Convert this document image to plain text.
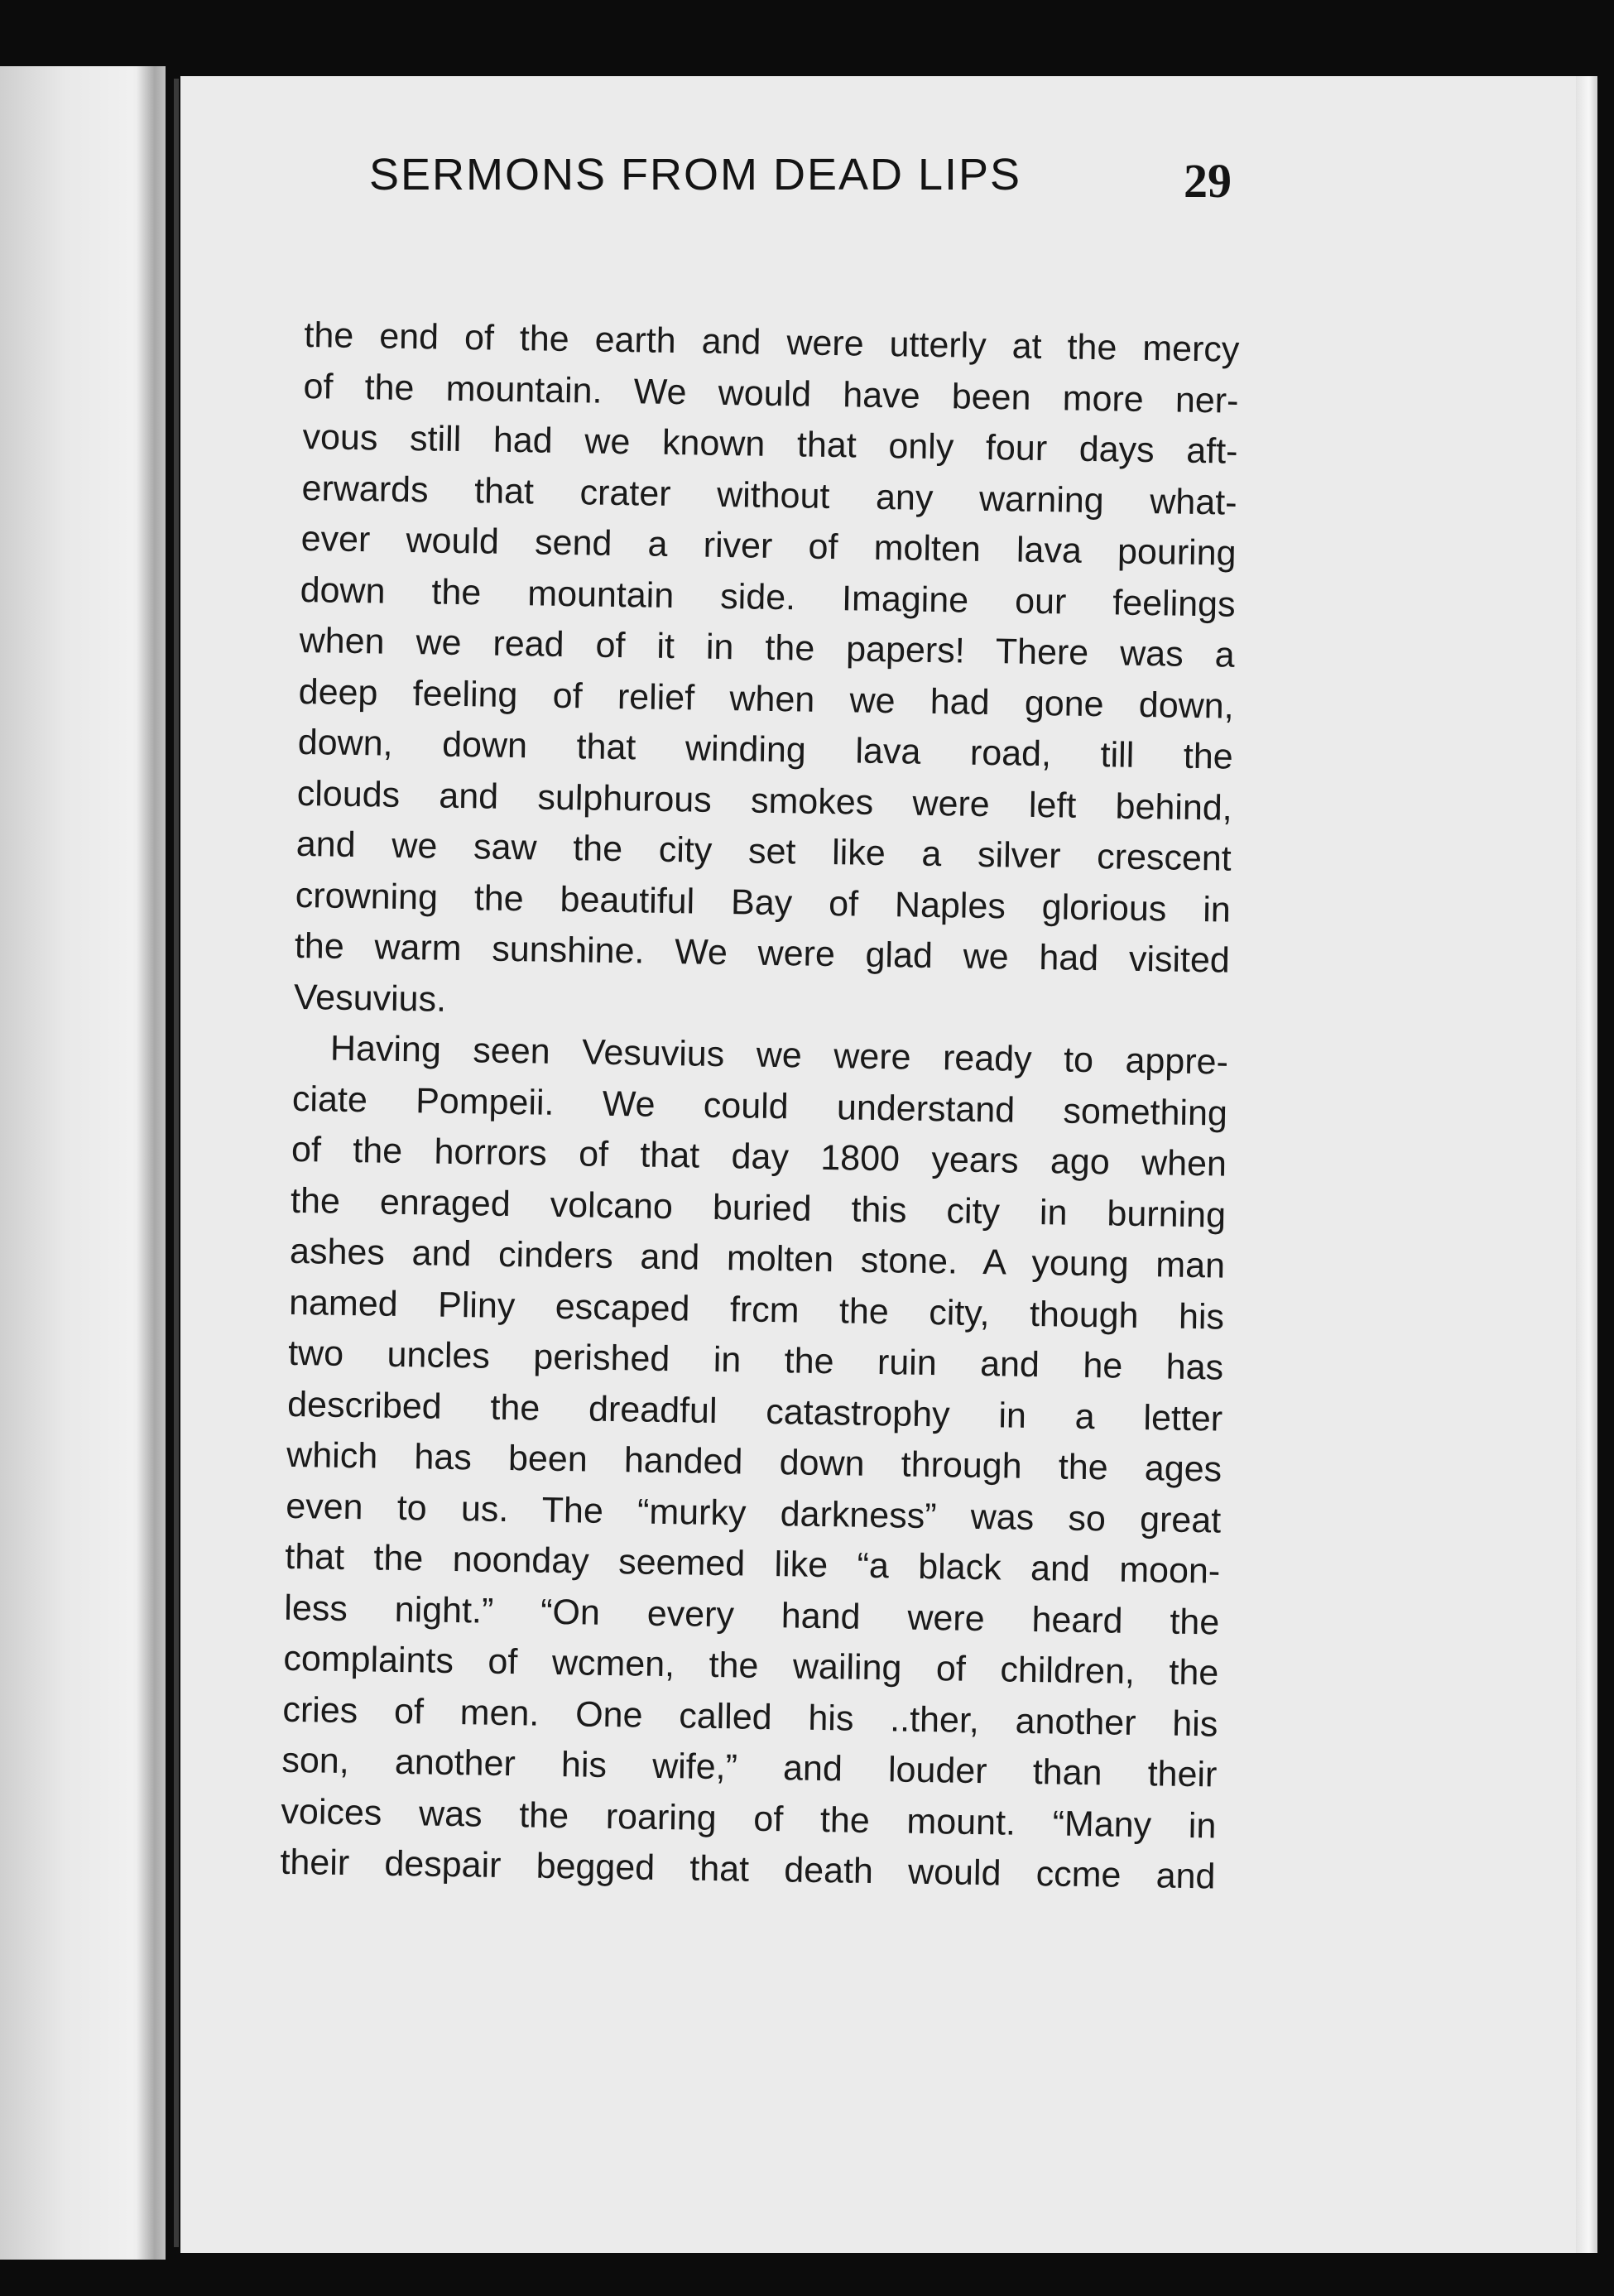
SERMONS FROM DEAD LIPS	29
the end of the earth and were utterly at the mercy
of the mountain. We would have been more ner-
vous still had we known that only four days aft-
erwards that crater without any warning what-
ever would send a river of molten lava pouring
down the mountain side. Imagine our feelings
when we read of it in the papers! There was a
deep feeling of relief when we had gone down,
down, down that winding lava road, till the
clouds and sulphurous smokes were left behind,
and we saw the city set like a silver crescent
crowning the beautiful Bay of Naples glorious in
the warm sunshine. We were glad we had visited
Vesuvius.
Having seen Vesuvius we were ready to appre-
ciate Pompeii. We could understand something
of the horrors of that day 1800 years ago when
the enraged volcano buried this city in burning
ashes and cinders and molten stone. A young man
named Pliny escaped frcm the city, though his
two uncles perished in the ruin and he has
described the dreadful catastrophy in a letter
which has been handed down through the ages
even to us. The “murky darkness” was so great
that the noonday seemed like “a black and moon-
less night.” “On every hand were heard the
complaints of wcmen, the wailing of children, the
cries of men. One called his ..ther, another his
son, another his wife,” and louder than their
voices was the roaring of the mount. “Many in
their despair begged that death would ccme and
